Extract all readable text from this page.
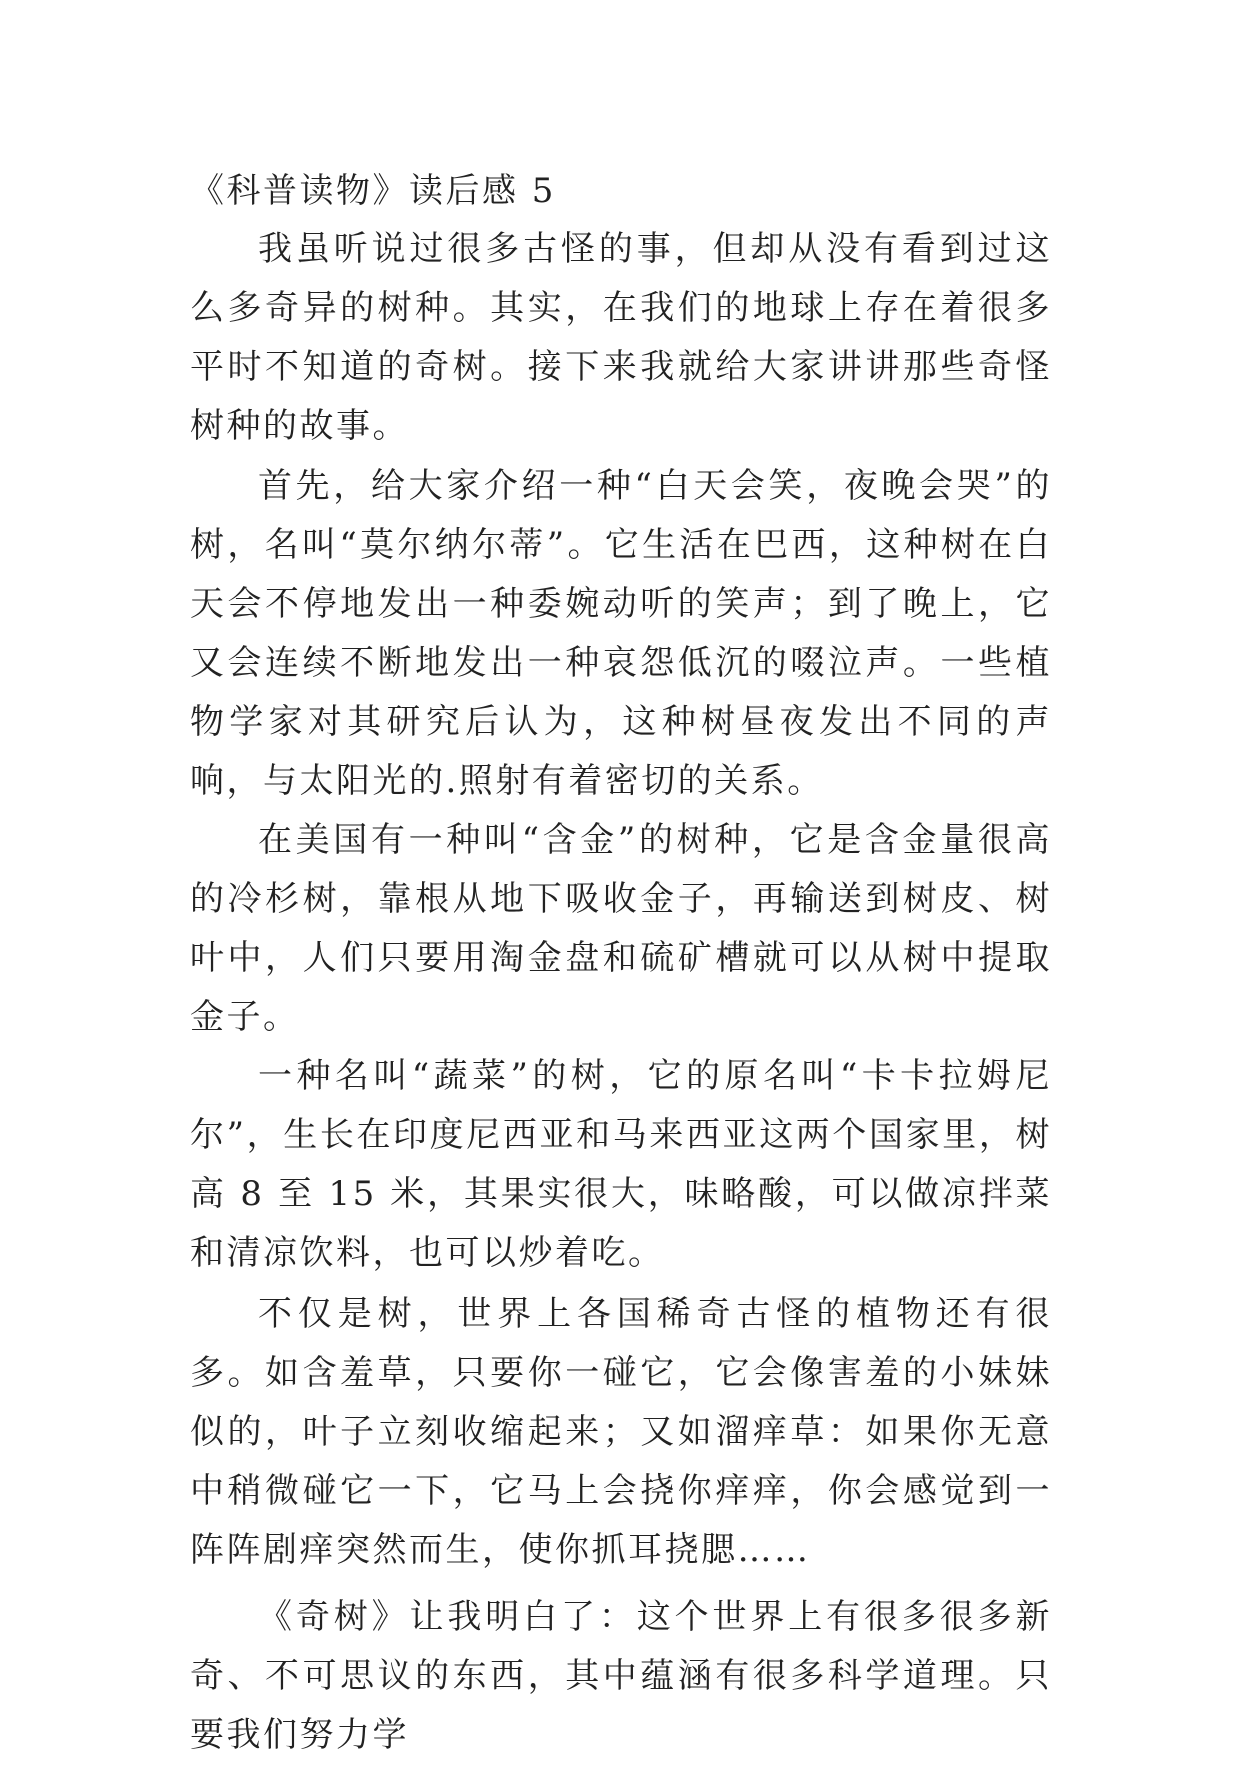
《科普读物》读后感 5

我虽听说过很多古怪的事，但却从没有看到过这么多奇异的树种。其实，在我们的地球上存在着很多平时不知道的奇树。接下来我就给大家讲讲那些奇怪树种的故事。

首先，给大家介绍一种“白天会笑，夜晚会哭”的树，名叫“莫尔纳尔蒂”。它生活在巴西，这种树在白天会不停地发出一种委婉动听的笑声；到了晚上，它又会连续不断地发出一种哀怨低沉的啜泣声。一些植物学家对其研究后认为，这种树昼夜发出不同的声响，与太阳光的.照射有着密切的关系。

在美国有一种叫“含金”的树种，它是含金量很高的冷杉树，靠根从地下吸收金子，再输送到树皮、树叶中，人们只要用淘金盘和硫矿槽就可以从树中提取金子。

一种名叫“蔬菜”的树，它的原名叫“卡卡拉姆尼尔”，生长在印度尼西亚和马来西亚这两个国家里，树高 8 至 15 米，其果实很大，味略酸，可以做凉拌菜和清凉饮料，也可以炒着吃。

不仅是树，世界上各国稀奇古怪的植物还有很多。如含羞草，只要你一碰它，它会像害羞的小妹妹似的，叶子立刻收缩起来；又如溜痒草：如果你无意中稍微碰它一下，它马上会挠你痒痒，你会感觉到一阵阵剧痒突然而生，使你抓耳挠腮……

《奇树》让我明白了：这个世界上有很多很多新奇、不可思议的东西，其中蕴涵有很多科学道理。只要我们努力学
